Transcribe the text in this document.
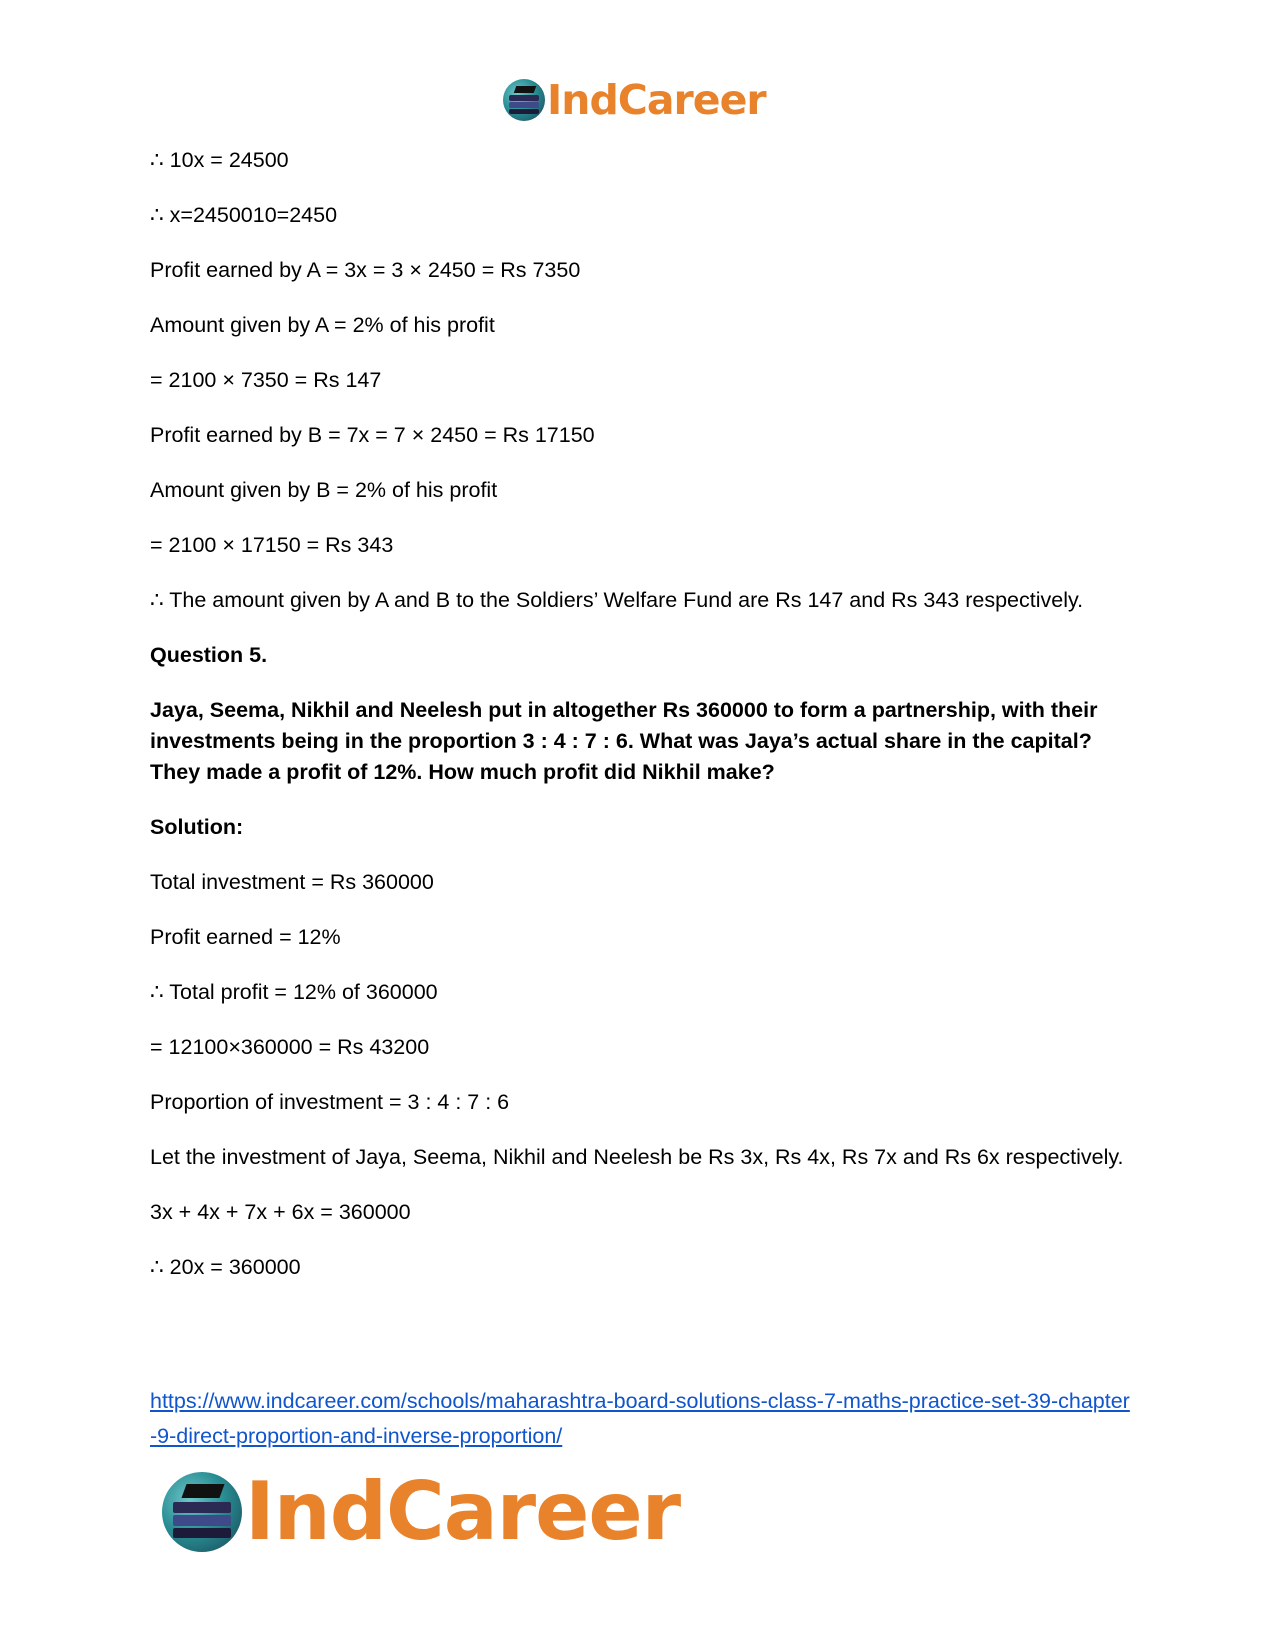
IndCareer

∴ 10x = 24500

∴ x=2450010=2450

Profit earned by A = 3x = 3 × 2450 = Rs 7350

Amount given by A = 2% of his profit

= 2100 × 7350 = Rs 147

Profit earned by B = 7x = 7 × 2450 = Rs 17150

Amount given by B = 2% of his profit

= 2100 × 17150 = Rs 343

∴ The amount given by A and B to the Soldiers’ Welfare Fund are Rs 147 and Rs 343 respectively.

Question 5.

Jaya, Seema, Nikhil and Neelesh put in altogether Rs 360000 to form a partnership, with their investments being in the proportion 3 : 4 : 7 : 6. What was Jaya’s actual share in the capital? They made a profit of 12%. How much profit did Nikhil make?

Solution:

Total investment = Rs 360000

Profit earned = 12%

∴ Total profit = 12% of 360000

= 12100×360000 = Rs 43200

Proportion of investment = 3 : 4 : 7 : 6

Let the investment of Jaya, Seema, Nikhil and Neelesh be Rs 3x, Rs 4x, Rs 7x and Rs 6x respectively.

3x + 4x + 7x + 6x = 360000

∴ 20x = 360000

https://www.indcareer.com/schools/maharashtra-board-solutions-class-7-maths-practice-set-39-chapter-9-direct-proportion-and-inverse-proportion/
IndCareer
